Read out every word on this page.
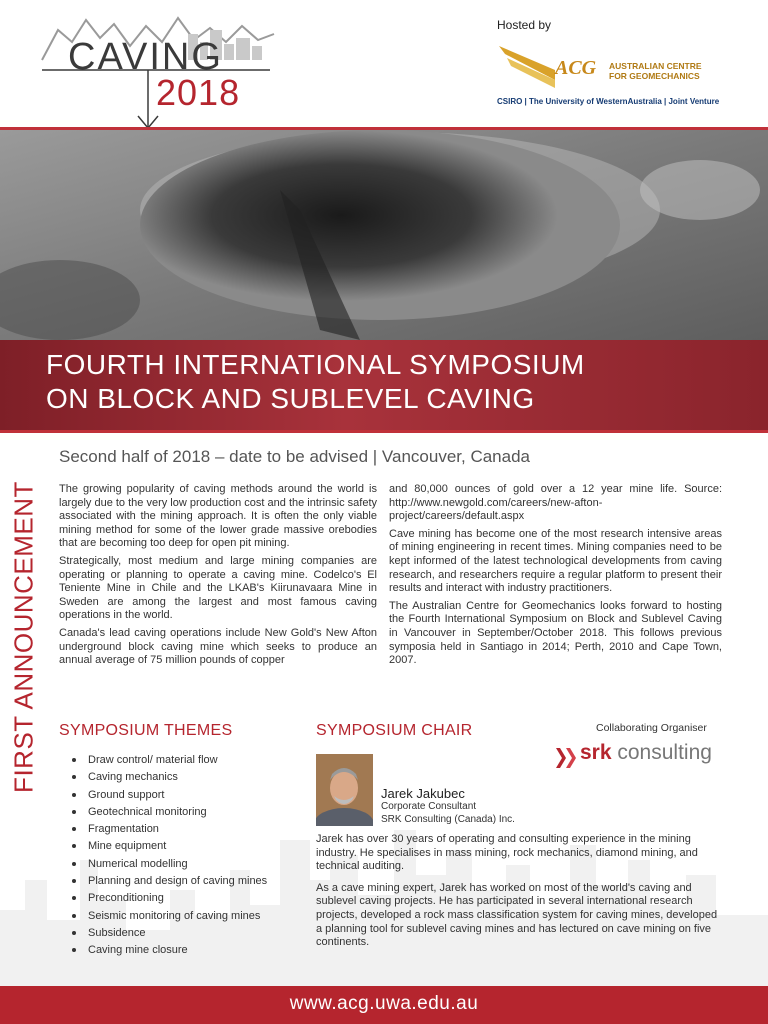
CAVING
2018
Hosted by
ACG AUSTRALIAN CENTRE
FOR GEOMECHANICS
CSIRO | The University of WesternAustralia | Joint Venture
FOURTH INTERNATIONAL SYMPOSIUM
ON BLOCK AND SUBLEVEL CAVING
FIRST ANNOUNCEMENT
Second half of 2018 – date to be advised | Vancouver, Canada

The growing popularity of caving methods around the world is largely due to the very low production cost and the intrinsic safety associated with the mining approach. It is often the only viable mining method for some of the lower grade massive orebodies that are becoming too deep for open pit mining.

Strategically, most medium and large mining companies are operating or planning to operate a caving mine. Codelco's El Teniente Mine in Chile and the LKAB's Kiirunavaara Mine in Sweden are among the largest and most famous caving operations in the world.

Canada's lead caving operations include New Gold's New Afton underground block caving mine which seeks to produce an annual average of 75 million pounds of copper

and 80,000 ounces of gold over a 12 year mine life. Source: http://www.newgold.com/careers/new-afton-project/careers/default.aspx

Cave mining has become one of the most research intensive areas of mining engineering in recent times. Mining companies need to be kept informed of the latest technological developments from caving research, and researchers require a regular platform to present their results and interact with industry practitioners.

The Australian Centre for Geomechanics looks forward to hosting the Fourth International Symposium on Block and Sublevel Caving in Vancouver in September/October 2018. This follows previous symposia held in Santiago in 2014; Perth, 2010 and Cape Town, 2007.

SYMPOSIUM THEMES
Draw control/ material flow
Caving mechanics
Ground support
Geotechnical monitoring
Fragmentation
Mine equipment
Numerical modelling
Planning and design of caving mines
Preconditioning
Seismic monitoring of caving mines
Subsidence
Caving mine closure
SYMPOSIUM CHAIR	Collaborating Organiser
srk consulting
Jarek Jakubec
Corporate Consultant
SRK Consulting (Canada) Inc.

Jarek has over 30 years of operating and consulting experience in the mining industry. He specialises in mass mining, rock mechanics, diamond mining, and technical auditing.

As a cave mining expert, Jarek has worked on most of the world's caving and sublevel caving projects. He has participated in several international research projects, developed a rock mass classification system for caving mines, developed a planning tool for sublevel caving mines and has lectured on cave mining on five continents.

www.acg.uwa.edu.au
